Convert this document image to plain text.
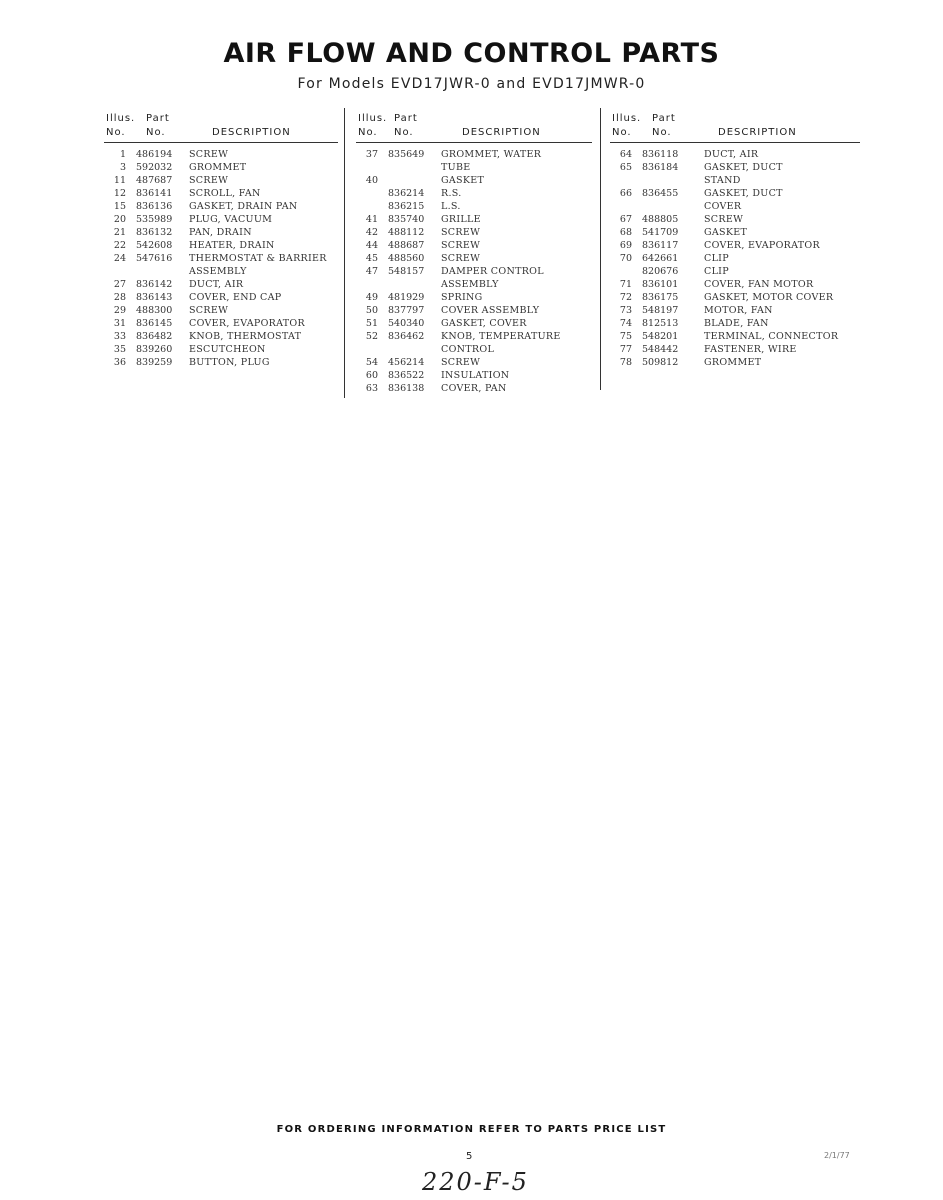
AIR FLOW AND CONTROL PARTS
For Models EVD17JWR-0 and EVD17JMWR-0
Illus. Part
No. No.	DESCRIPTION
1 486194 SCREW
3 592032 GROMMET
11 487687 SCREW
12 836141 SCROLL, FAN
15 836136 GASKET, DRAIN PAN
20 535989 PLUG, VACUUM
21 836132 PAN, DRAIN
22 542608 HEATER, DRAIN
24 547616 THERMOSTAT & BARRIER
ASSEMBLY
27 836142 DUCT, AIR
28 836143 COVER, END CAP
29 488300 SCREW
31 836145 COVER, EVAPORATOR
33 836482 KNOB, THERMOSTAT
35 839260 ESCUTCHEON
36 839259 BUTTON, PLUG
Illus. Part
No. No.	DESCRIPTION
37 835649 GROMMET, WATER
TUBE
40	GASKET
836214 R.S.
836215 L.S.
41 835740 GRILLE
42 488112 SCREW
44 488687 SCREW
45 488560 SCREW
47 548157 DAMPER CONTROL
ASSEMBLY
49 481929 SPRING
50 837797 COVER ASSEMBLY
51 540340 GASKET, COVER
52 836462 KNOB, TEMPERATURE
CONTROL
54 456214 SCREW
60 836522 INSULATION
63 836138 COVER, PAN
Illus. Part
No. No.	DESCRIPTION
64 836118	DUCT, AIR
65 836184	GASKET, DUCT
STAND
66 836455	GASKET, DUCT
COVER
67 488805	SCREW
68 541709	GASKET
69 836117	COVER, EVAPORATOR
70 642661	CLIP
820676	CLIP
71 836101	COVER, FAN MOTOR
72 836175	GASKET, MOTOR COVER
73 548197	MOTOR, FAN
74 812513	BLADE, FAN
75 548201	TERMINAL, CONNECTOR
77 548442	FASTENER, WIRE
78 509812	GROMMET
FOR ORDERING INFORMATION REFER TO PARTS PRICE LIST
5	2/1/77
220-F-5
